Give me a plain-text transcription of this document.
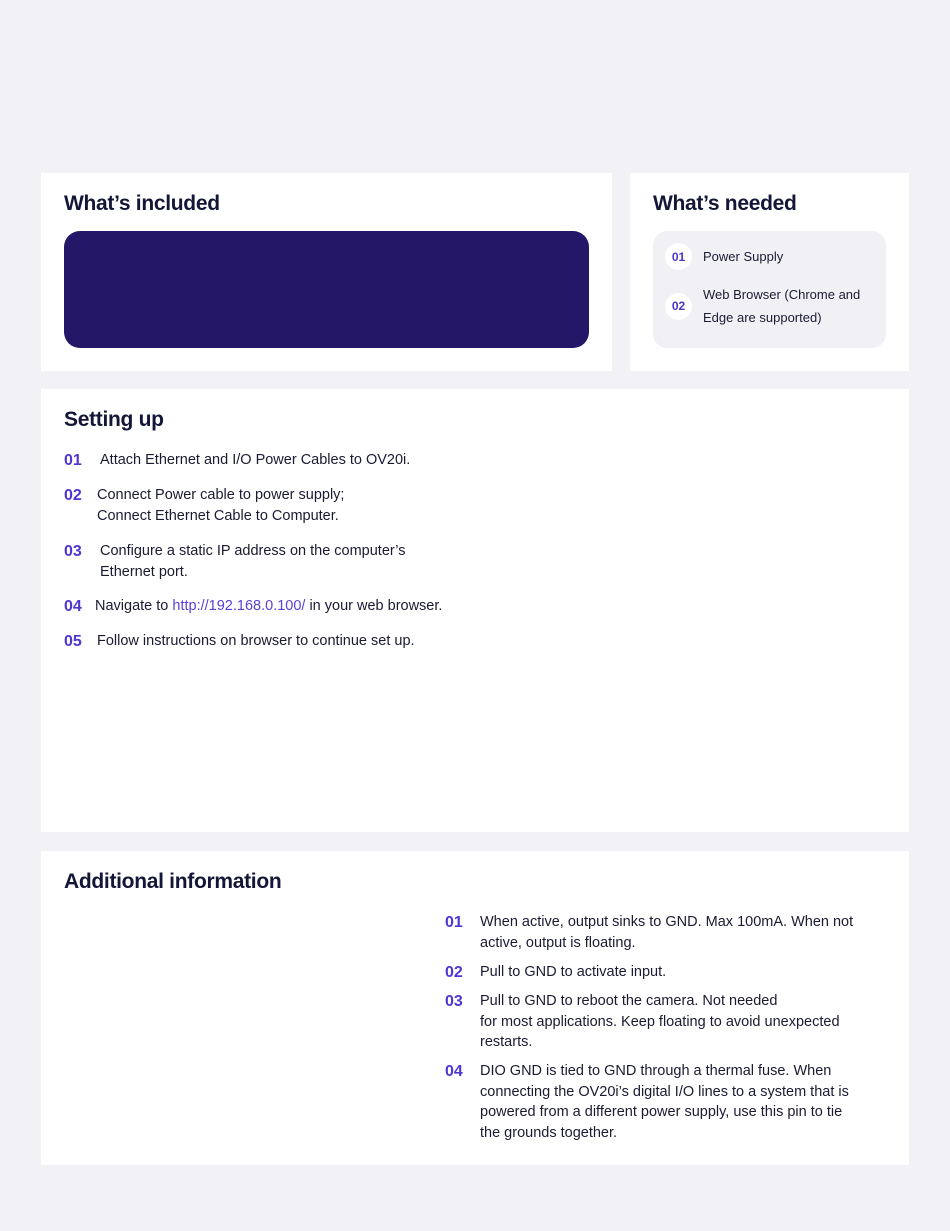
What’s included	What’s needed
01	Power Supply
02
Web Browser (Chrome and Edge are supported)
Setting up
01	Attach Ethernet and I/O Power Cables to OV20i.
02	Connect Power cable to power supply;
Connect Ethernet Cable to Computer.
03	Configure a static IP address on the computer’s
Ethernet port.
04 Navigate to http://192.168.0.100/ in your web browser.
05	Follow instructions on browser to continue set up.
Additional information
01	When active, output sinks to GND. Max 100mA. When not
active, output is floating.
02	Pull to GND to activate input.
03	Pull to GND to reboot the camera. Not needed
for most applications. Keep floating to avoid unexpected
restarts.
04	DIO GND is tied to GND through a thermal fuse. When
connecting the OV20i’s digital I/O lines to a system that is
powered from a different power supply, use this pin to tie
the grounds together.
